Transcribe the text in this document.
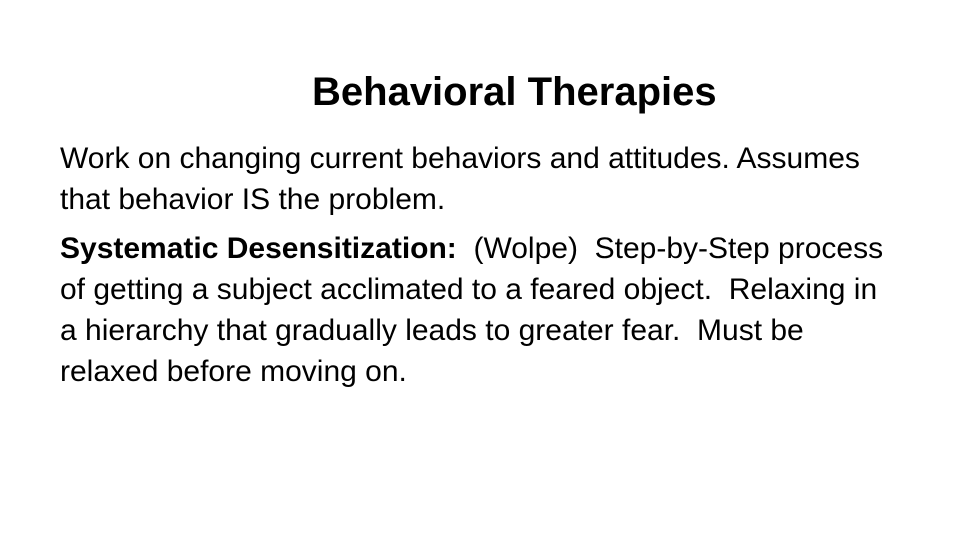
Behavioral Therapies

Work on changing current behaviors and attitudes. Assumes that behavior IS the problem.

Systematic Desensitization:  (Wolpe)  Step-by-Step process of getting a subject acclimated to a feared object.  Relaxing in a hierarchy that gradually leads to greater fear.  Must be relaxed before moving on.
